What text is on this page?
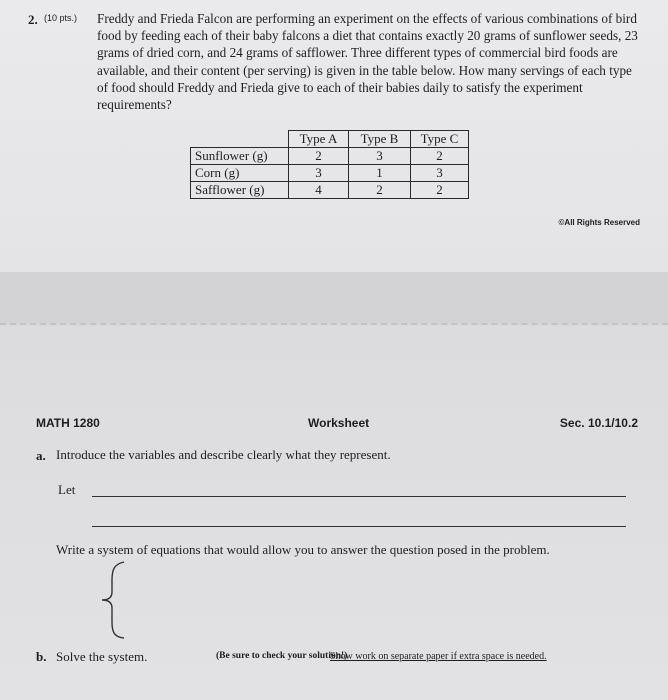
2. (10 pts.) Freddy and Frieda Falcon are performing an experiment on the effects of various combinations of bird food by feeding each of their baby falcons a diet that contains exactly 20 grams of sunflower seeds, 23 grams of dried corn, and 24 grams of safflower. Three different types of commercial bird foods are available, and their content (per serving) is given in the table below. How many servings of each type of food should Freddy and Frieda give to each of their babies daily to satisfy the experiment requirements?

	Type A	Type B	Type C
Sunflower (g)	2	3	2
Corn (g)	3	1	3
Safflower (g)	4	2	2
©All Rights Reserved
MATH 1280	Worksheet	Sec. 10.1/10.2
a. Introduce the variables and describe clearly what they represent.
Let
Write a system of equations that would allow you to answer the question posed in the problem.
b. Solve the system.	(Be sure to check your solution!)
Show work on separate paper if extra space is needed.
